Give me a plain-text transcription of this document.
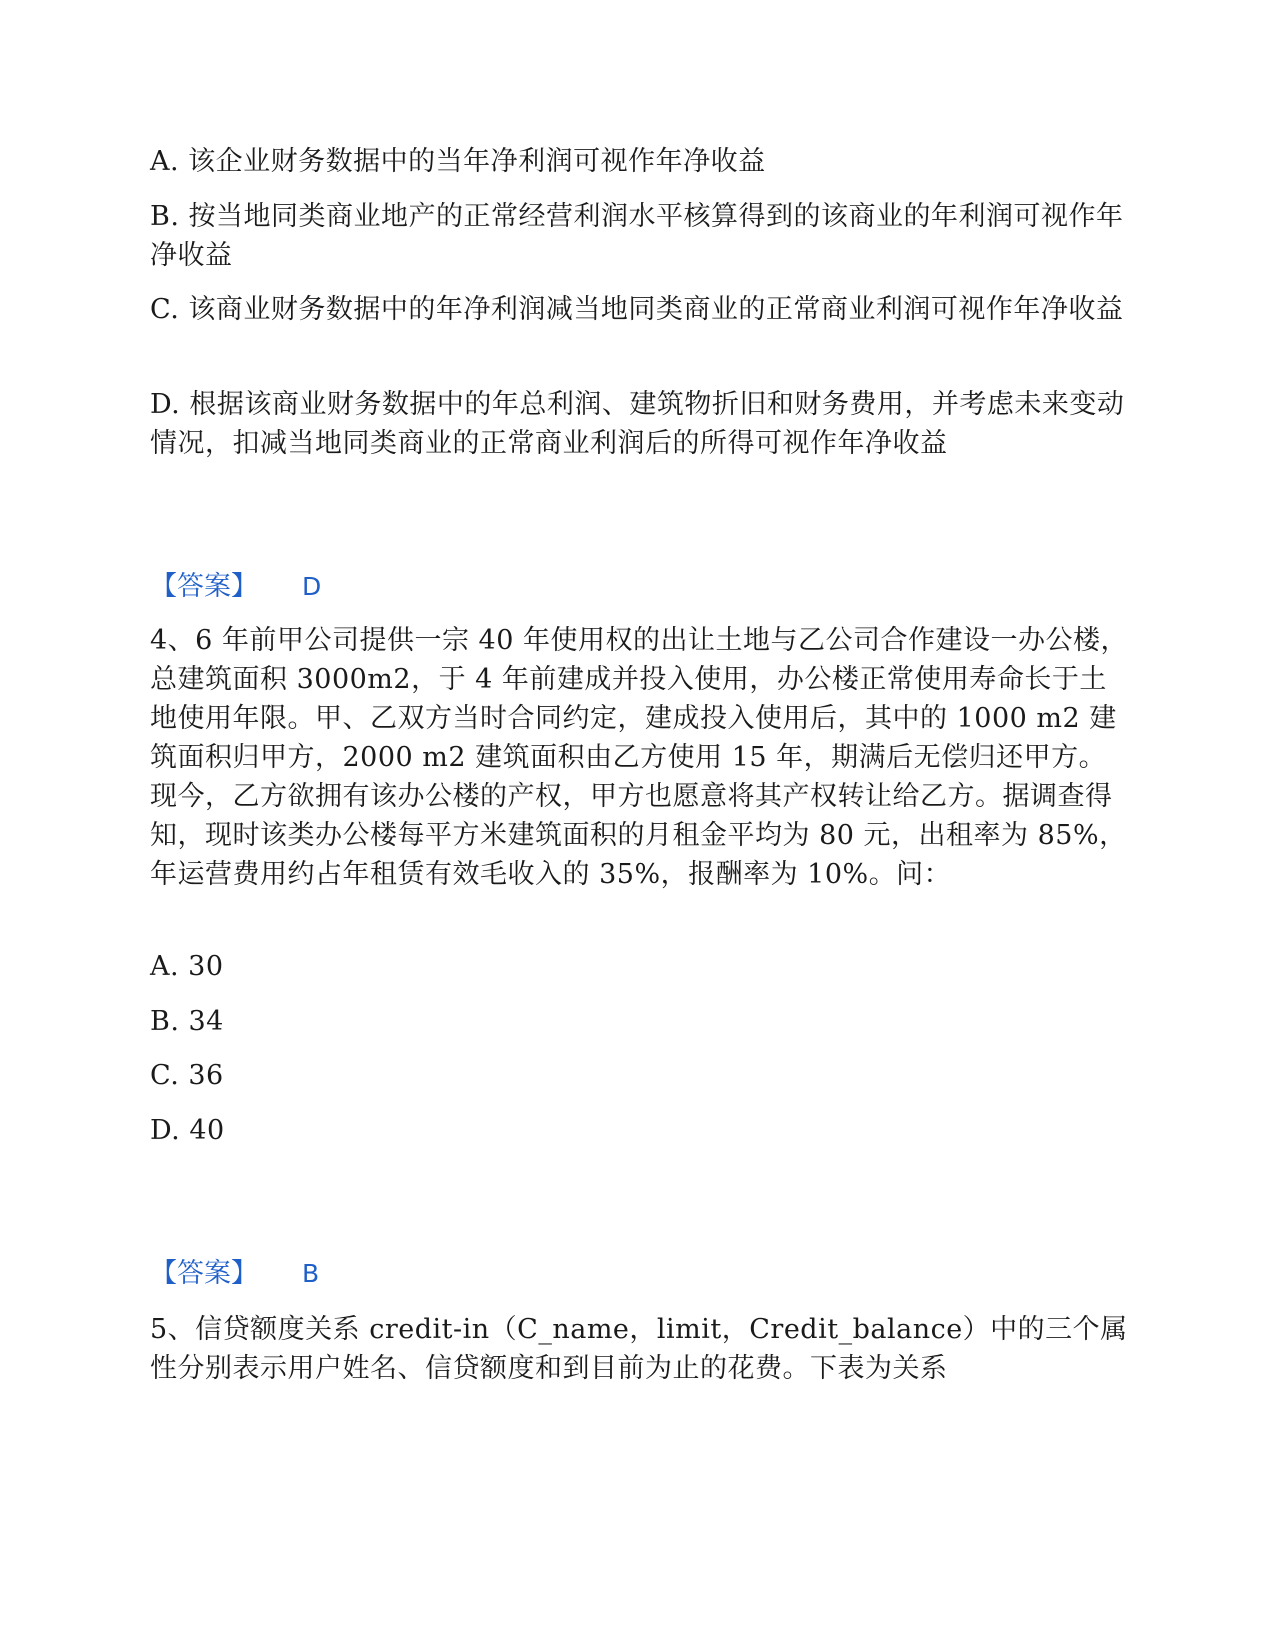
A. 该企业财务数据中的当年净利润可视作年净收益
B. 按当地同类商业地产的正常经营利润水平核算得到的该商业的年利润可视作年净收益
C. 该商业财务数据中的年净利润减当地同类商业的正常商业利润可视作年净收益
D. 根据该商业财务数据中的年总利润、建筑物折旧和财务费用，并考虑未来变动情况，扣减当地同类商业的正常商业利润后的所得可视作年净收益
【答案】 D
4、6 年前甲公司提供一宗 40 年使用权的出让土地与乙公司合作建设一办公楼，总建筑面积 3000m2，于 4 年前建成并投入使用，办公楼正常使用寿命长于土地使用年限。甲、乙双方当时合同约定，建成投入使用后，其中的 1000 m2 建筑面积归甲方，2000 m2 建筑面积由乙方使用 15 年，期满后无偿归还甲方。现今，乙方欲拥有该办公楼的产权，甲方也愿意将其产权转让给乙方。据调查得知，现时该类办公楼每平方米建筑面积的月租金平均为 80 元，出租率为 85%，年运营费用约占年租赁有效毛收入的 35%，报酬率为 10%。问：
A. 30
B. 34
C. 36
D. 40
【答案】 B
5、信贷额度关系 credit-in（C_name，limit，Credit_balance）中的三个属性分别表示用户姓名、信贷额度和到目前为止的花费。下表为关系
